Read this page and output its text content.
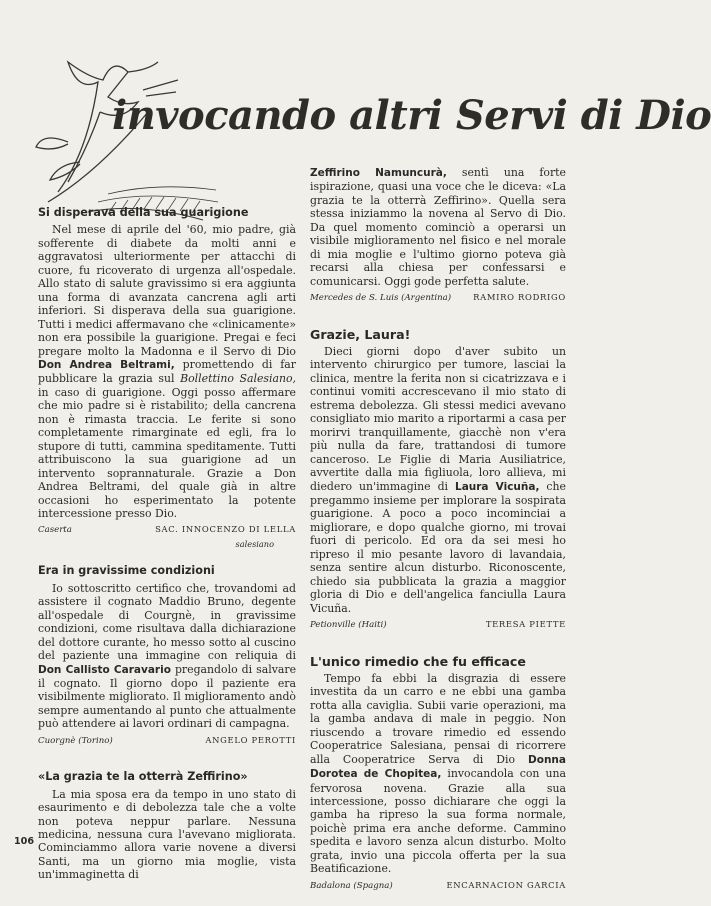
invocando altri Servi di Dio
Si disperava della sua guarigione

Nel mese di aprile del '60, mio padre, già sofferente di diabete da molti anni e aggravatosi ulteriormente per attacchi di cuore, fu ricoverato di urgenza all'ospedale. Allo stato di salute gravissimo si era aggiunta una forma di avanzata cancrena agli arti inferiori. Si disperava della sua guarigione. Tutti i medici affermavano che «clinicamente» non era possibile la guarigione. Pregai e feci pregare molto la Madonna e il Servo di Dio Don Andrea Beltrami, promettendo di far pubblicare la grazia sul Bollettino Salesiano, in caso di guarigione. Oggi posso affermare che mio padre si è ristabilito; della cancrena non è rimasta traccia. Le ferite si sono completamente rimarginate ed egli, fra lo stupore di tutti, cammina speditamente. Tutti attribuiscono la sua guarigione ad un intervento soprannaturale. Grazie a Don Andrea Beltrami, del quale già in altre occasioni ho esperimentato la potente intercessione presso Dio.

Caserta	SAC. INNOCENZO DI LELLA
salesiano
Era in gravissime condizioni

Io sottoscritto certifico che, trovandomi ad assistere il cognato Maddio Bruno, degente all'ospedale di Courgnè, in gravissime condizioni, come risultava dalla dichiarazione del dottore curante, ho messo sotto al cuscino del paziente una immagine con reliquia di Don Callisto Caravario pregandolo di salvare il cognato. Il giorno dopo il paziente era visibilmente migliorato. Il miglioramento andò sempre aumentando al punto che attualmente può attendere ai lavori ordinari di campagna.

Cuorgnè (Torino)	ANGELO PEROTTI
«La grazia te la otterrà Zeffirino»

La mia sposa era da tempo in uno stato di esaurimento e di debolezza tale che a volte non poteva neppur parlare. Nessuna medicina, nessuna cura l'avevano migliorata. Cominciammo allora varie novene a diversi Santi, ma un giorno mia moglie, vista un'immaginetta di

Zeffirino Namuncurà, sentì una forte ispirazione, quasi una voce che le diceva: «La grazia te la otterrà Zeffirino». Quella sera stessa iniziammo la novena al Servo di Dio. Da quel momento cominciò a operarsi un visibile miglioramento nel fisico e nel morale di mia moglie e l'ultimo giorno poteva già recarsi alla chiesa per confessarsi e comunicarsi. Oggi gode perfetta salute.

Mercedes de S. Luis (Argentina)	RAMIRO RODRIGO
Grazie, Laura!

Dieci giorni dopo d'aver subito un intervento chirurgico per tumore, lasciai la clinica, mentre la ferita non si cicatrizzava e i continui vomiti accrescevano il mio stato di estrema debolezza. Gli stessi medici avevano consigliato mio marito a riportarmi a casa per morirvi tranquillamente, giacchè non v'era più nulla da fare, trattandosi di tumore canceroso. Le Figlie di Maria Ausiliatrice, avvertite dalla mia figliuola, loro allieva, mi diedero un'immagine di Laura Vicuña, che pregammo insieme per implorare la sospirata guarigione. A poco a poco incominciai a migliorare, e dopo qualche giorno, mi trovai fuori di pericolo. Ed ora da sei mesi ho ripreso il mio pesante lavoro di lavandaia, senza sentire alcun disturbo. Riconoscente, chiedo sia pubblicata la grazia a maggior gloria di Dio e dell'angelica fanciulla Laura Vicuña.

Petionville (Haiti)	TERESA PIETTE
L'unico rimedio che fu efficace

Tempo fa ebbi la disgrazia di essere investita da un carro e ne ebbi una gamba rotta alla caviglia. Subii varie operazioni, ma la gamba andava di male in peggio. Non riuscendo a trovare rimedio ed essendo Cooperatrice Salesiana, pensai di ricorrere alla Cooperatrice Serva di Dio Donna Dorotea de Chopitea, invocandola con una fervorosa novena. Grazie alla sua intercessione, posso dichiarare che oggi la gamba ha ripreso la sua forma normale, poichè prima era anche deforme. Cammino spedita e lavoro senza alcun disturbo. Molto grata, invio una piccola offerta per la sua Beatificazione.

Badalona (Spagna)	ENCARNACION GARCIA
106
